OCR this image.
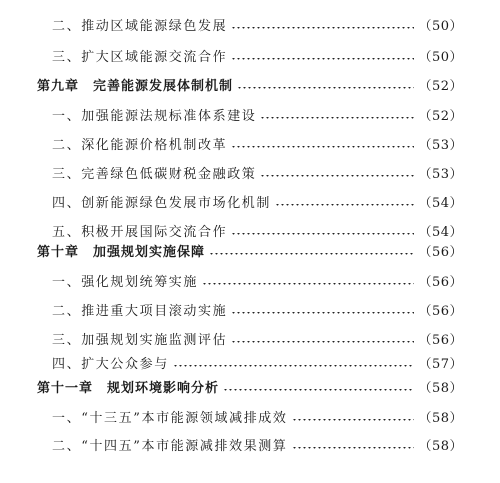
二、推动区域能源绿色发展	（50）
三、扩大区域能源交流合作	（50）
第九章 完善能源发展体制机制	（52）
一、加强能源法规标准体系建设	（52）
二、深化能源价格机制改革	（53）
三、完善绿色低碳财税金融政策	（53）
四、创新能源绿色发展市场化机制	（54）
五、积极开展国际交流合作	（54）
第十章 加强规划实施保障	（56）
一、强化规划统筹实施	（56）
二、推进重大项目滚动实施	（56）
三、加强规划实施监测评估	（56）
四、扩大公众参与	（57）
第十一章 规划环境影响分析	（58）
一、“十三五”本市能源领域减排成效	（58）
二、“十四五”本市能源减排效果测算	（58）
